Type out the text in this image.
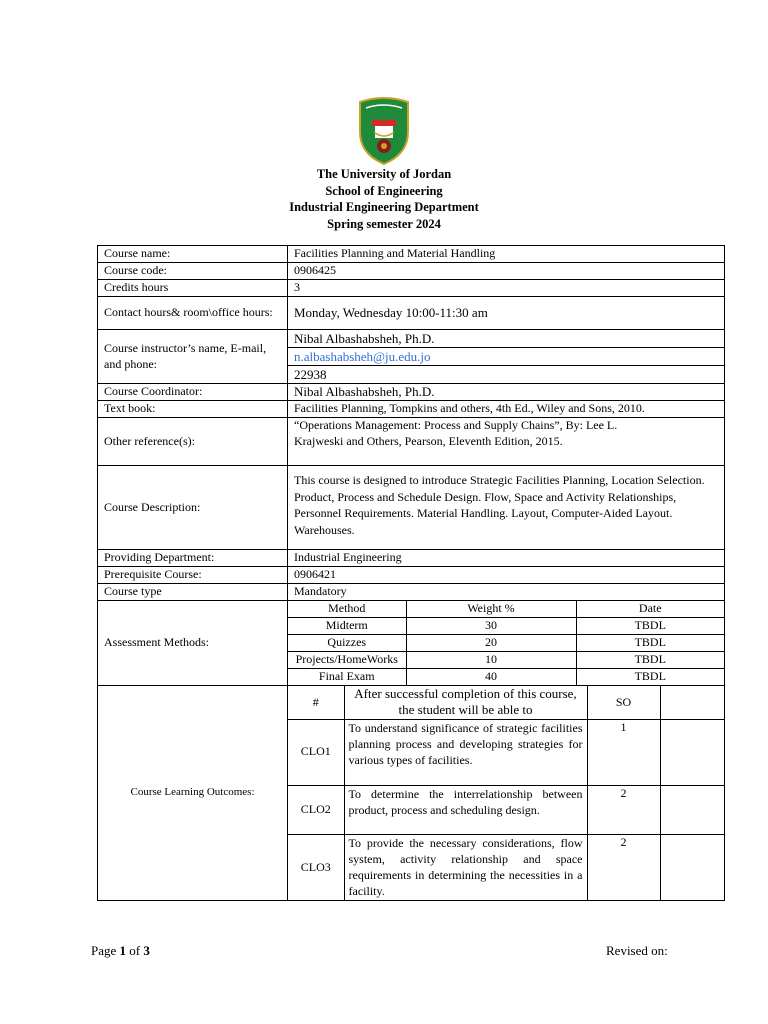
The University of Jordan
School of Engineering
Industrial Engineering Department
Spring semester 2024
Course name:	Facilities Planning and Material Handling
Course code:	0906425
Credits hours	3
Contact hours& room\office hours:	Monday, Wednesday 10:00-11:30 am
Course instructor’s name, E-mail, and phone:	Nibal Albashabsheh, Ph.D.
n.albashabsheh@ju.edu.jo
22938
Course Coordinator:	Nibal Albashabsheh, Ph.D.
Text book:	Facilities Planning, Tompkins and others, 4th Ed., Wiley and Sons, 2010.
Other reference(s):	
“Operations Management: Process and Supply Chains”, By: Lee L.
Krajweski and Others, Pearson, Eleventh Edition, 2015.

Course Description:	This course is designed to introduce Strategic Facilities Planning, Location Selection. Product, Process and Schedule Design. Flow, Space and Activity Relationships, Personnel Requirements. Material Handling. Layout, Computer-Aided Layout. Warehouses.
Providing Department:	Industrial Engineering
Prerequisite Course:	0906421
Course type	Mandatory
Assessment Methods:	
Method	Weight %	Date
Midterm	30	TBDL
Quizzes	20	TBDL
Projects/HomeWorks	10	TBDL
Final Exam	40	TBDL

Course Learning Outcomes:	
#	After successful completion of this course, the student will be able to	SO	
CLO1	To understand significance of strategic facilities planning process and developing strategies for various types of facilities.	1	
CLO2	To determine the interrelationship between product, process and scheduling design.	2	
CLO3	To provide the necessary considerations, flow system, activity relationship and space requirements in determining the necessities in a facility.	2	
Page 1 of 3	Revised on:
